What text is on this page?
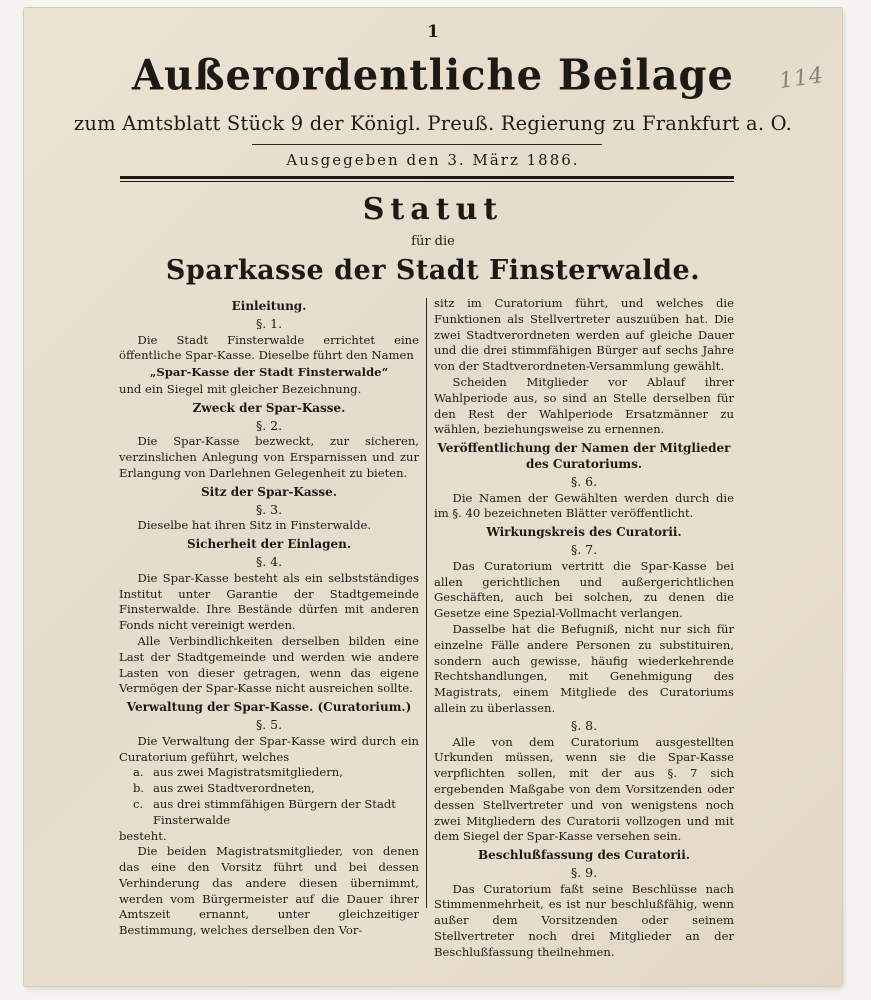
1
114
Außerordentliche Beilage
zum Amtsblatt Stück 9 der Königl. Preuß. Regierung zu Frankfurt a. O.
Ausgegeben den 3. März 1886.
Statut
für die
Sparkasse der Stadt Finsterwalde.
Einleitung.
§. 1.

Die Stadt Finsterwalde errichtet eine öffentliche Spar-Kasse. Dieselbe führt den Namen

„Spar-Kasse der Stadt Finsterwalde“

und ein Siegel mit gleicher Bezeichnung.

Zweck der Spar-Kasse.
§. 2.

Die Spar-Kasse bezweckt, zur sicheren, verzinslichen Anlegung von Ersparnissen und zur Erlangung von Darlehnen Gelegenheit zu bieten.

Sitz der Spar-Kasse.
§. 3.

Dieselbe hat ihren Sitz in Finsterwalde.

Sicherheit der Einlagen.
§. 4.

Die Spar-Kasse besteht als ein selbstständiges Institut unter Garantie der Stadtgemeinde Finsterwalde. Ihre Bestände dürfen mit anderen Fonds nicht vereinigt werden.

Alle Verbindlichkeiten derselben bilden eine Last der Stadtgemeinde und werden wie andere Lasten von dieser getragen, wenn das eigene Vermögen der Spar-Kasse nicht ausreichen sollte.

Verwaltung der Spar-Kasse. (Curatorium.)
§. 5.

Die Verwaltung der Spar-Kasse wird durch ein Curatorium geführt, welches

a. aus zwei Magistratsmitgliedern,
b. aus zwei Stadtverordneten,
c. aus drei stimmfähigen Bürgern der Stadt Finsterwalde

besteht.

Die beiden Magistratsmitglieder, von denen das eine den Vorsitz führt und bei dessen Verhinderung das andere diesen übernimmt, werden vom Bürgermeister auf die Dauer ihrer Amtszeit ernannt, unter gleichzeitiger Bestimmung, welches derselben den Vor-

sitz im Curatorium führt, und welches die Funktionen als Stellvertreter auszuüben hat. Die zwei Stadtverordneten werden auf gleiche Dauer und die drei stimmfähigen Bürger auf sechs Jahre von der Stadtverordneten-Versammlung gewählt.

Scheiden Mitglieder vor Ablauf ihrer Wahlperiode aus, so sind an Stelle derselben für den Rest der Wahlperiode Ersatzmänner zu wählen, beziehungsweise zu ernennen.

Veröffentlichung der Namen der Mitglieder des Curatoriums.
§. 6.

Die Namen der Gewählten werden durch die im §. 40 bezeichneten Blätter veröffentlicht.

Wirkungskreis des Curatorii.
§. 7.

Das Curatorium vertritt die Spar-Kasse bei allen gerichtlichen und außergerichtlichen Geschäften, auch bei solchen, zu denen die Gesetze eine Spezial-Vollmacht verlangen.

Dasselbe hat die Befugniß, nicht nur sich für einzelne Fälle andere Personen zu substituiren, sondern auch gewisse, häufig wiederkehrende Rechtshandlungen, mit Genehmigung des Magistrats, einem Mitgliede des Curatoriums allein zu überlassen.

§. 8.

Alle von dem Curatorium ausgestellten Urkunden müssen, wenn sie die Spar-Kasse verpflichten sollen, mit der aus §. 7 sich ergebenden Maßgabe von dem Vorsitzenden oder dessen Stellvertreter und von wenigstens noch zwei Mitgliedern des Curatorii vollzogen und mit dem Siegel der Spar-Kasse versehen sein.

Beschlußfassung des Curatorii.
§. 9.

Das Curatorium faßt seine Beschlüsse nach Stimmenmehrheit, es ist nur beschlußfähig, wenn außer dem Vorsitzenden oder seinem Stellvertreter noch drei Mitglieder an der Beschlußfassung theilnehmen.
